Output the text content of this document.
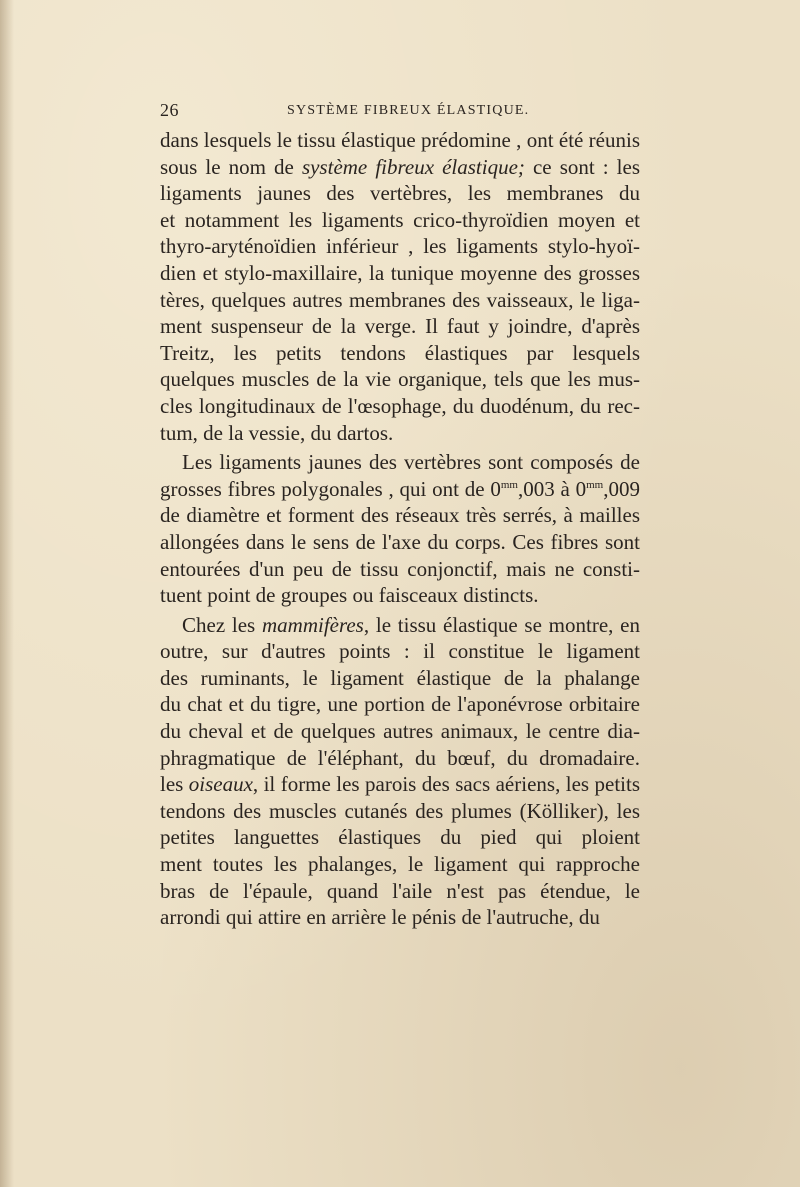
26	SYSTÈME FIBREUX ÉLASTIQUE.
dans lesquels le tissu élastique prédomine , ont été réunis
sous le nom de système fibreux élastique; ce sont : les
ligaments jaunes des vertèbres, les membranes du
et notamment les ligaments crico-thyroïdien moyen et
thyro-aryténoïdien inférieur , les ligaments stylo-hyoï-
dien et stylo-maxillaire, la tunique moyenne des grosses
tères, quelques autres membranes des vaisseaux, le liga-
ment suspenseur de la verge. Il faut y joindre, d'après
Treitz, les petits tendons élastiques par lesquels
quelques muscles de la vie organique, tels que les mus-
cles longitudinaux de l'œsophage, du duodénum, du rec-
tum, de la vessie, du dartos.
Les ligaments jaunes des vertèbres sont composés de
grosses fibres polygonales , qui ont de $0^{mm},003$ à $0^{mm},009$
de diamètre et forment des réseaux très serrés, à mailles
allongées dans le sens de l'axe du corps. Ces fibres sont
entourées d'un peu de tissu conjonctif, mais ne consti-
tuent point de groupes ou faisceaux distincts.
Chez les mammifères, le tissu élastique se montre, en
outre, sur d'autres points : il constitue le ligament
des ruminants, le ligament élastique de la phalange
du chat et du tigre, une portion de l'aponévrose orbitaire
du cheval et de quelques autres animaux, le centre dia-
phragmatique de l'éléphant, du bœuf, du dromadaire.
les oiseaux, il forme les parois des sacs aériens, les petits
tendons des muscles cutanés des plumes (Kölliker), les
petites languettes élastiques du pied qui ploient
ment toutes les phalanges, le ligament qui rapproche
bras de l'épaule, quand l'aile n'est pas étendue, le
arrondi qui attire en arrière le pénis de l'autruche, du
